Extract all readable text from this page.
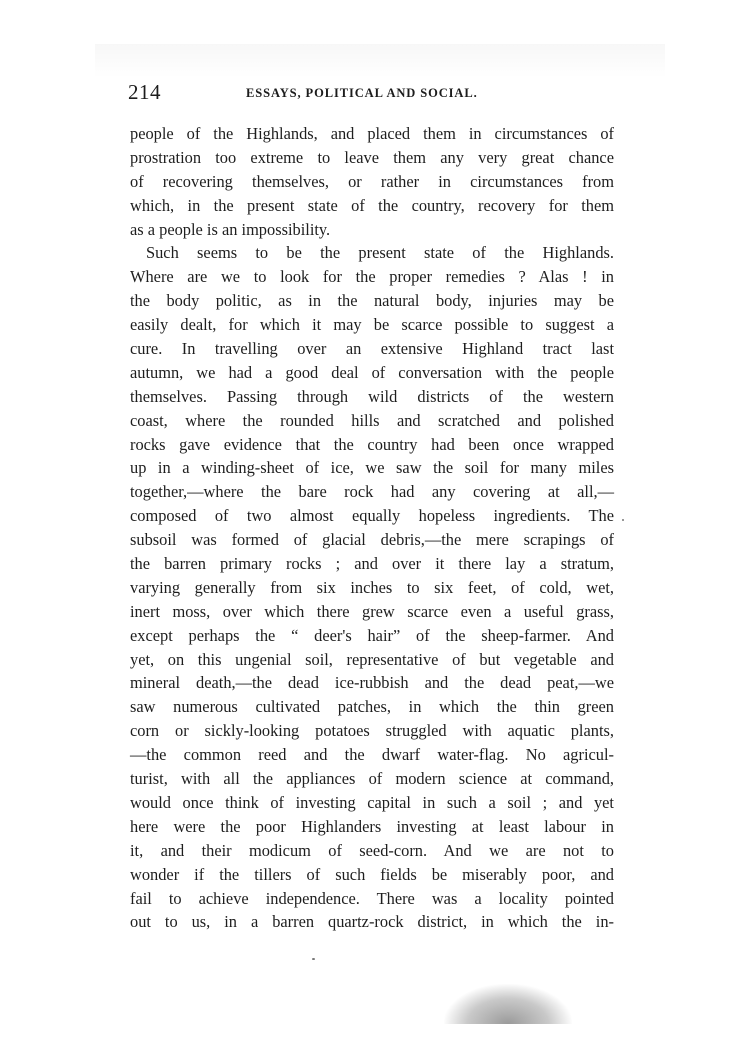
214	ESSAYS, POLITICAL AND SOCIAL.
people of the Highlands, and placed them in circumstances of
prostration too extreme to leave them any very great chance
of recovering themselves, or rather in circumstances from
which, in the present state of the country, recovery for them
as a people is an impossibility.
Such seems to be the present state of the Highlands.
Where are we to look for the proper remedies ? Alas ! in
the body politic, as in the natural body, injuries may be
easily dealt, for which it may be scarce possible to suggest a
cure. In travelling over an extensive Highland tract last
autumn, we had a good deal of conversation with the people
themselves. Passing through wild districts of the western
coast, where the rounded hills and scratched and polished
rocks gave evidence that the country had been once wrapped
up in a winding-sheet of ice, we saw the soil for many miles
together,—where the bare rock had any covering at all,—
composed of two almost equally hopeless ingredients. The
subsoil was formed of glacial debris,—the mere scrapings of
the barren primary rocks ; and over it there lay a stratum,
varying generally from six inches to six feet, of cold, wet,
inert moss, over which there grew scarce even a useful grass,
except perhaps the “ deer's hair” of the sheep-farmer. And
yet, on this ungenial soil, representative of but vegetable and
mineral death,—the dead ice-rubbish and the dead peat,—we
saw numerous cultivated patches, in which the thin green
corn or sickly-looking potatoes struggled with aquatic plants,
—the common reed and the dwarf water-flag. No agricul-
turist, with all the appliances of modern science at command,
would once think of investing capital in such a soil ; and yet
here were the poor Highlanders investing at least labour in
it, and their modicum of seed-corn. And we are not to
wonder if the tillers of such fields be miserably poor, and
fail to achieve independence. There was a locality pointed
out to us, in a barren quartz-rock district, in which the in-
